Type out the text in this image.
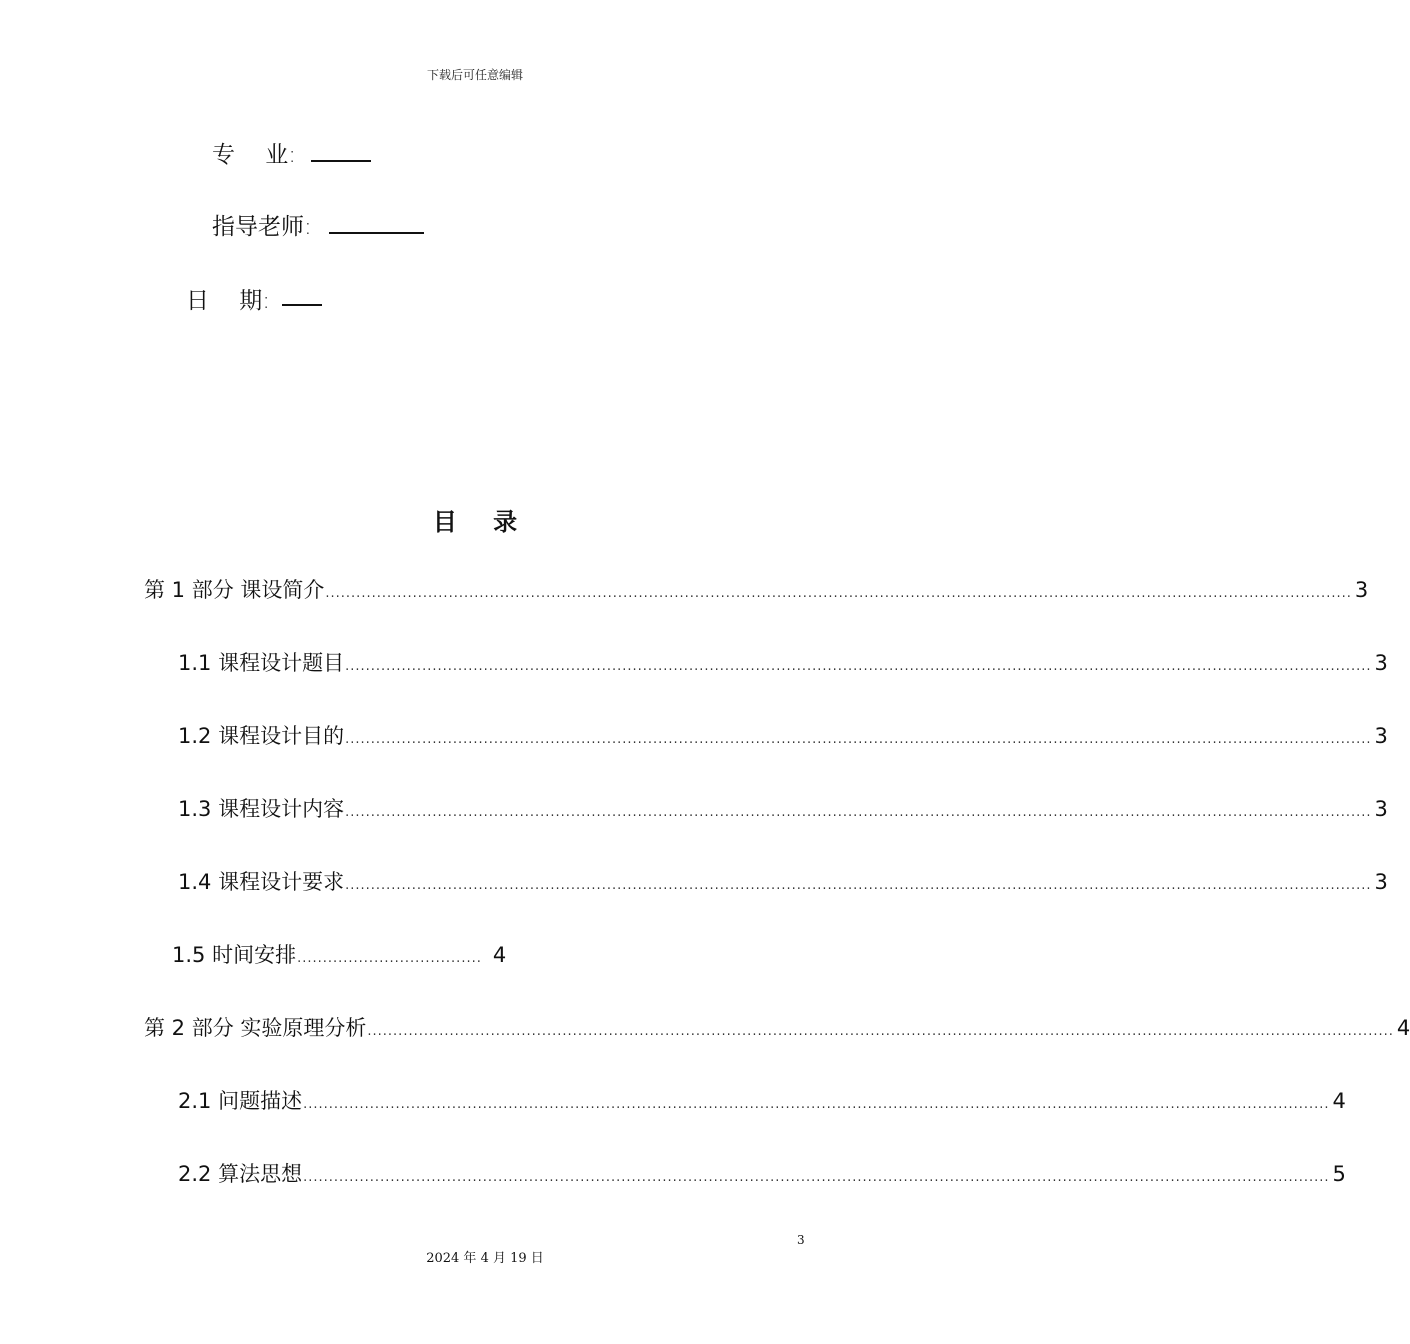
下载后可任意编辑
专　 业:
指导老师:
日　 期:
目 录
第 1 部分 课设简介 ........................................................................................................................................................................................................ 3
1.1 课程设计题目 ........................................................................................................................................................................................................ 3
1.2 课程设计目的 ........................................................................................................................................................................................................ 3
1.3 课程设计内容 ........................................................................................................................................................................................................ 3
1.4 课程设计要求 ........................................................................................................................................................................................................ 3
1.5 时间安排 .................................... 4
第 2 部分 实验原理分析 ........................................................................................................................................................................................................ 4
2.1 问题描述 ........................................................................................................................................................................................................ 4
2.2 算法思想 ........................................................................................................................................................................................................ 5
3
2024 年 4 月 19 日
